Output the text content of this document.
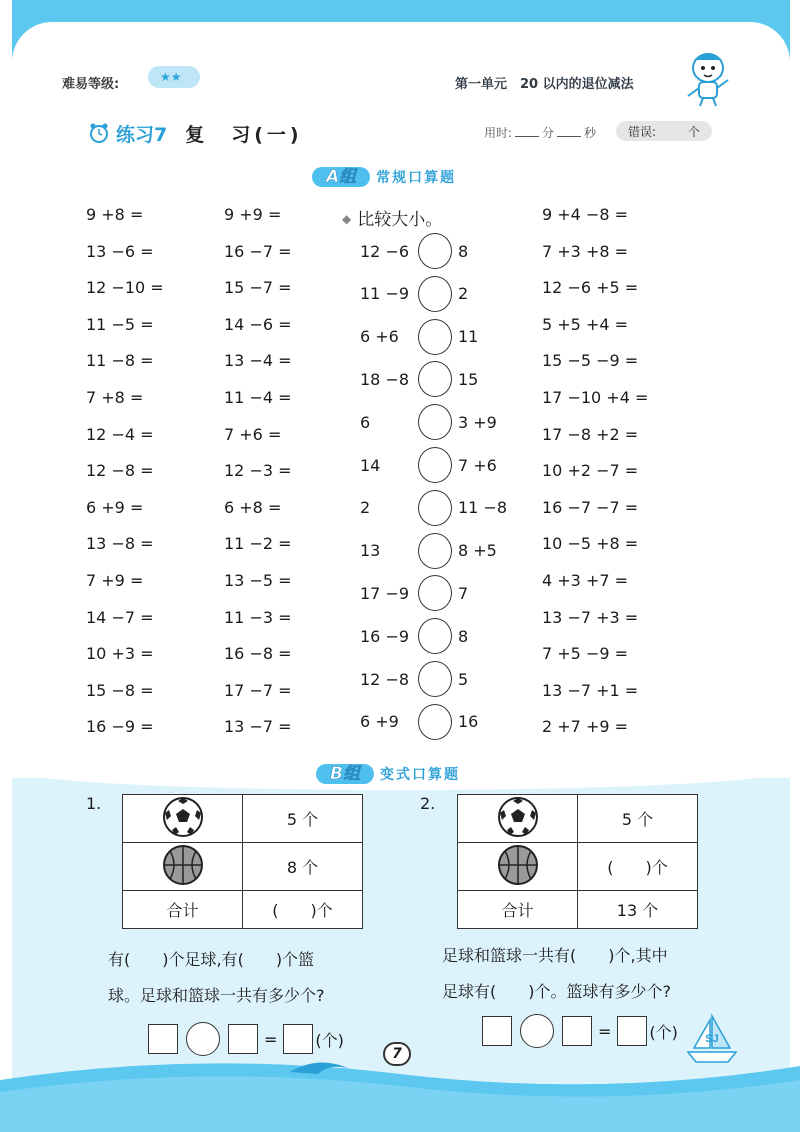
难易等级:	★★	第一单元　20 以内的退位减法
练习7 复　习(一)	用时:	分	秒	错误:	个
A组	常规口算题
9 +8 =
13 −6 =
12 −10 =
11 −5 =
11 −8 =
7 +8 =
12 −4 =
12 −8 =
6 +9 =
13 −8 =
7 +9 =
14 −7 =
10 +3 =
15 −8 =
16 −9 =
9 +9 =
16 −7 =
15 −7 =
14 −6 =
13 −4 =
11 −4 =
7 +6 =
12 −3 =
6 +8 =
11 −2 =
13 −5 =
11 −3 =
16 −8 =
17 −7 =
13 −7 =
◆ 比较大小。
12 −6	8
11 −9	2
6 +6	11
18 −8	15
6	3 +9
14	7 +6
2	11 −8
13	8 +5
17 −9	7
16 −9	8
12 −8	5
6 +9	16
9 +4 −8 =
7 +3 +8 =
12 −6 +5 =
5 +5 +4 =
15 −5 −9 =
17 −10 +4 =
17 −8 +2 =
10 +2 −7 =
16 −7 −7 =
10 −5 +8 =
4 +3 +7 =
13 −7 +3 =
7 +5 −9 =
13 −7 +1 =
2 +7 +9 =
B组	变式口算题
1.
	5 个
	8 个
合计	(　　)个
有(　　)个足球,有(　　)个篮
球。足球和篮球一共有多少个?
= (个)
2.
	5 个
	(　　)个
合计	13 个
足球和篮球一共有(　　)个,其中
足球有(　　)个。篮球有多少个?
= (个)
7
SJ
